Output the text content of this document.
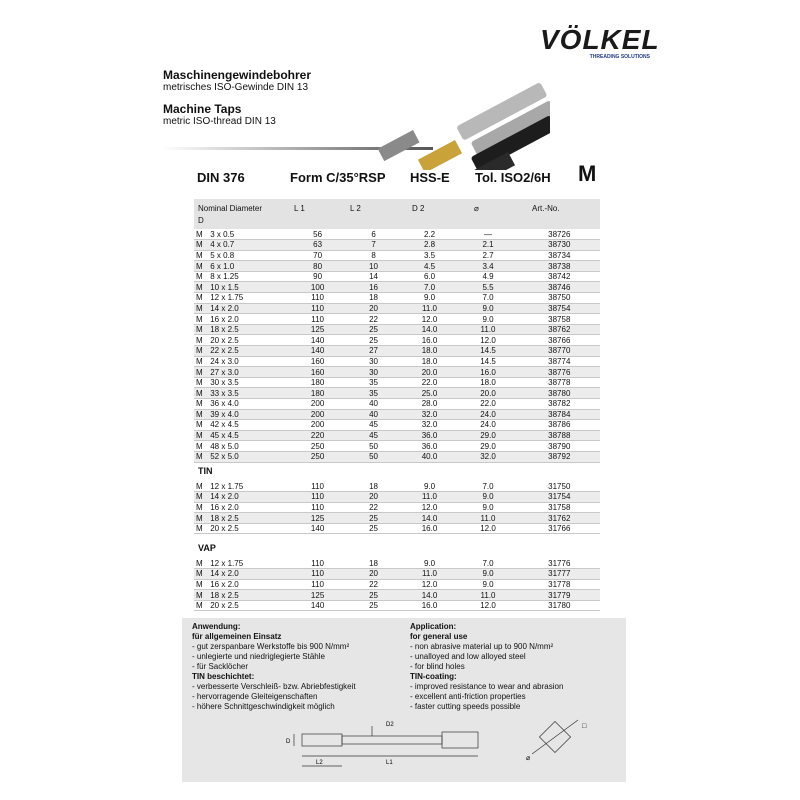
VÖLKEL
THREADING SOLUTIONS
Maschinengewindebohrer
metrisches ISO-Gewinde DIN 13
Machine Taps
metric ISO-thread DIN 13
DIN 376	Form C/35°RSP HSS-E Tol. ISO2/6H M
Nominal Diameter
D
L 1	L 2	D 2	⌀	Art.-No.
M	3 x 0.5	56	6	2.2	—	38726
M	4 x 0.7	63	7	2.8	2.1	38730
M	5 x 0.8	70	8	3.5	2.7	38734
M	6 x 1.0	80	10	4.5	3.4	38738
M	8 x 1.25	90	14	6.0	4.9	38742
M	10 x 1.5	100	16	7.0	5.5	38746
M	12 x 1.75	110	18	9.0	7.0	38750
M	14 x 2.0	110	20	11.0	9.0	38754
M	16 x 2.0	110	22	12.0	9.0	38758
M	18 x 2.5	125	25	14.0	11.0	38762
M	20 x 2.5	140	25	16.0	12.0	38766
M	22 x 2.5	140	27	18.0	14.5	38770
M	24 x 3.0	160	30	18.0	14.5	38774
M	27 x 3.0	160	30	20.0	16.0	38776
M	30 x 3.5	180	35	22.0	18.0	38778
M	33 x 3.5	180	35	25.0	20.0	38780
M	36 x 4.0	200	40	28.0	22.0	38782
M	39 x 4.0	200	40	32.0	24.0	38784
M	42 x 4.5	200	45	32.0	24.0	38786
M	45 x 4.5	220	45	36.0	29.0	38788
M	48 x 5.0	250	50	36.0	29.0	38790
M	52 x 5.0	250	50	40.0	32.0	38792
TIN
M	12 x 1.75	110	18	9.0	7.0	31750
M	14 x 2.0	110	20	11.0	9.0	31754
M	16 x 2.0	110	22	12.0	9.0	31758
M	18 x 2.5	125	25	14.0	11.0	31762
M	20 x 2.5	140	25	16.0	12.0	31766
VAP
M	12 x 1.75	110	18	9.0	7.0	31776
M	14 x 2.0	110	20	11.0	9.0	31777
M	16 x 2.0	110	22	12.0	9.0	31778
M	18 x 2.5	125	25	14.0	11.0	31779
M	20 x 2.5	140	25	16.0	12.0	31780
Anwendung:
für allgemeinen Einsatz
- gut zerspanbare Werkstoffe bis 900 N/mm²
- unlegierte und niedriglegierte Stähle
- für Sacklöcher
TIN beschichtet:
- verbesserte Verschleiß- bzw. Abriebfestigkeit
- hervorragende Gleiteigenschaften
- höhere Schnittgeschwindigkeit möglich
Application:
for general use
- non abrasive material up to 900 N/mm²
- unalloyed and low alloyed steel
- for blind holes
TIN-coating:
- improved resistance to wear and abrasion
- excellent anti-friction properties
- faster cutting speeds possible
D2
D
L2	L1
□
⌀
